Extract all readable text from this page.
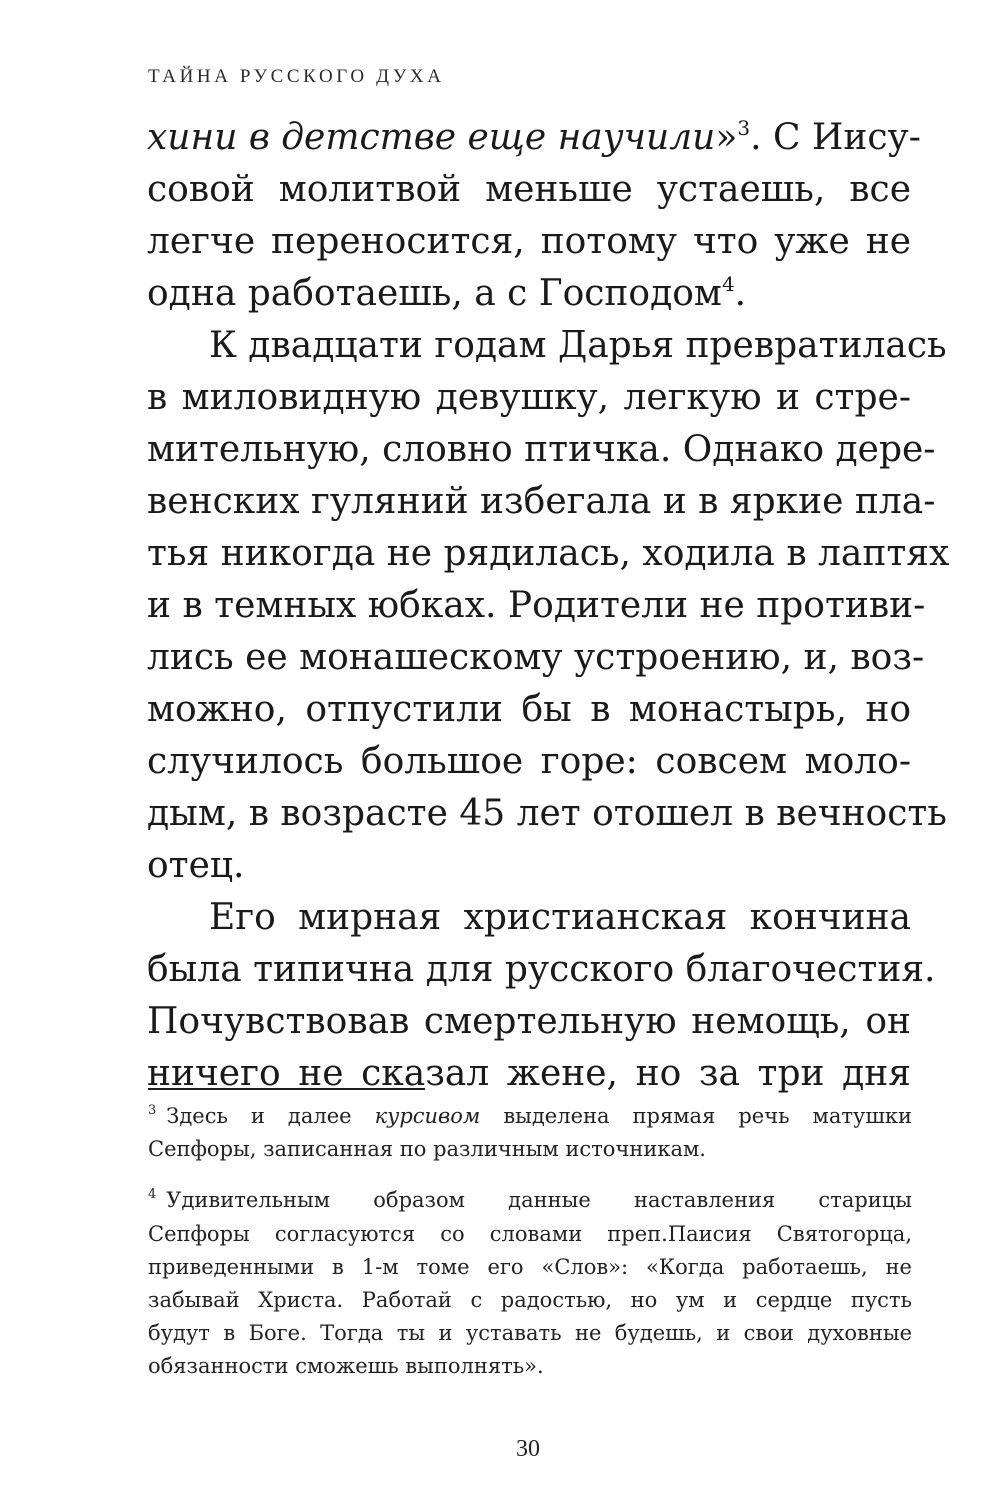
ТАЙНА РУССКОГО ДУХА
хини в детстве еще научили»$^3$. С Иису-
совой молитвой меньше устаешь, все
легче переносится, потому что уже не
одна работаешь, а с Господом$^4$.
К двадцати годам Дарья превратилась
в миловидную девушку, легкую и стре-
мительную, словно птичка. Однако дере-
венских гуляний избегала и в яркие пла-
тья никогда не рядилась, ходила в лаптях
и в темных юбках. Родители не противи-
лись ее монашескому устроению, и, воз-
можно, отпустили бы в монастырь, но
случилось большое горе: совсем моло-
дым, в возрасте 45 лет отошел в вечность
отец.
Его мирная христианская кончина
была типична для русского благочестия.
Почувствовав смертельную немощь, он
ничего не сказал жене, но за три дня
$^3$ Здесь и далее курсивом выделена прямая речь матушки
Сепфоры, записанная по различным источникам.
$^4$ Удивительным образом данные наставления старицы
Сепфоры согласуются со словами преп.Паисия Святогорца,
приведенными в 1-м томе его «Слов»: «Когда работаешь, не
забывай Христа. Работай с радостью, но ум и сердце пусть
будут в Боге. Тогда ты и уставать не будешь, и свои духовные
обязанности сможешь выполнять».
30
